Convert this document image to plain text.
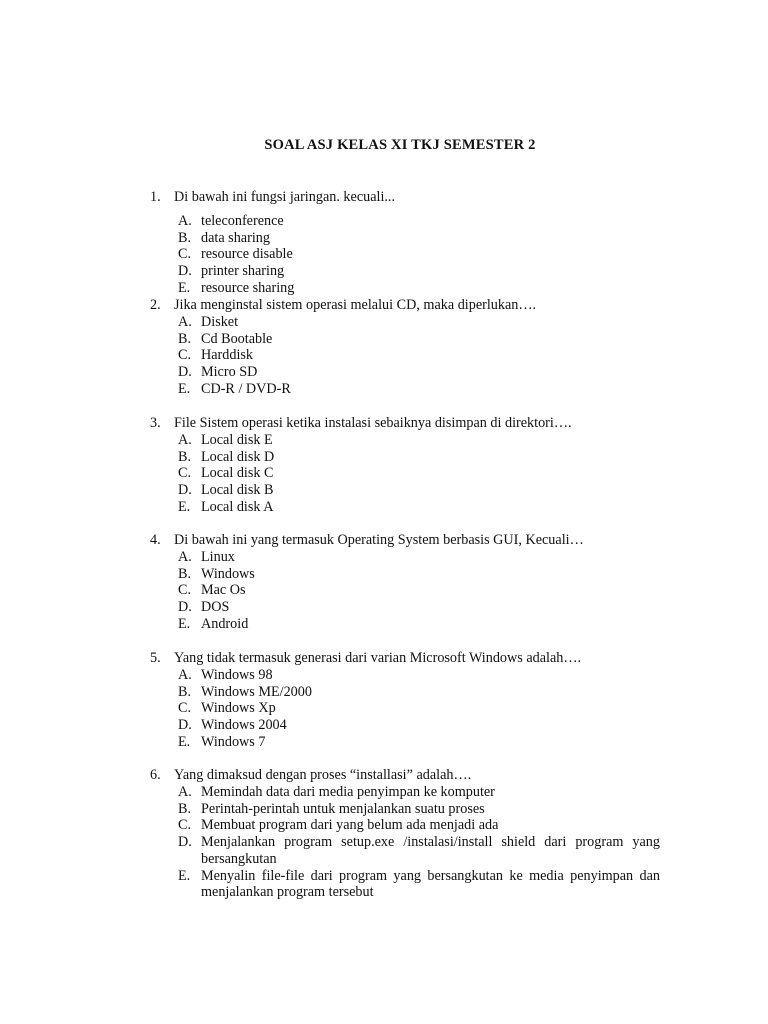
SOAL ASJ KELAS XI TKJ SEMESTER 2
1. Di bawah ini fungsi jaringan. kecuali...
A. teleconference
B. data sharing
C. resource disable
D. printer sharing
E. resource sharing
2. Jika menginstal sistem operasi melalui CD, maka diperlukan….
A. Disket
B. Cd Bootable
C. Harddisk
D. Micro SD
E. CD-R / DVD-R
3. File Sistem operasi ketika instalasi sebaiknya disimpan di direktori….
A. Local disk E
B. Local disk D
C. Local disk C
D. Local disk B
E. Local disk A
4. Di bawah ini yang termasuk Operating System berbasis GUI, Kecuali…
A. Linux
B. Windows
C. Mac Os
D. DOS
E. Android
5. Yang tidak termasuk generasi dari varian Microsoft Windows adalah….
A. Windows 98
B. Windows ME/2000
C. Windows Xp
D. Windows 2004
E. Windows 7
6. Yang dimaksud dengan proses “installasi” adalah….
A. Memindah data dari media penyimpan ke komputer
B. Perintah-perintah untuk menjalankan suatu proses
C. Membuat program dari yang belum ada menjadi ada
D. Menjalankan program setup.exe /instalasi/install shield dari program yang bersangkutan
E. Menyalin file-file dari program yang bersangkutan ke media penyimpan dan menjalankan program tersebut
